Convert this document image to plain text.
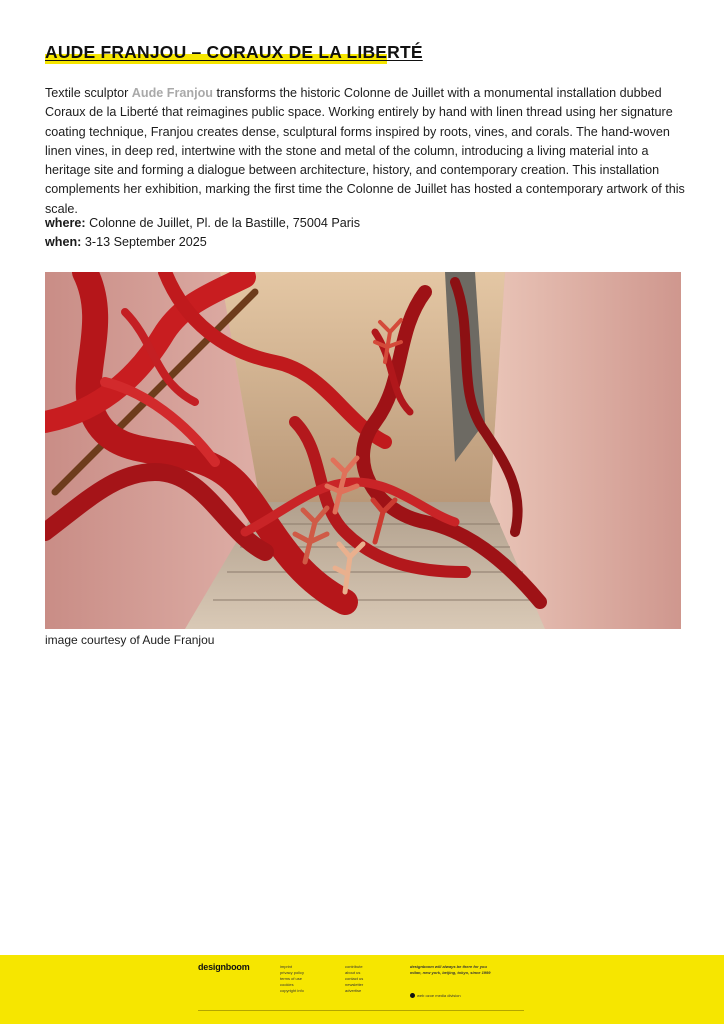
AUDE FRANJOU – CORAUX DE LA LIBERTÉ

Textile sculptor Aude Franjou transforms the historic Colonne de Juillet with a monumental installation dubbed Coraux de la Liberté that reimagines public space. Working entirely by hand with linen thread using her signature coating technique, Franjou creates dense, sculptural forms inspired by roots, vines, and corals. The hand-woven linen vines, in deep red, intertwine with the stone and metal of the column, introducing a living material into a heritage site and forming a dialogue between architecture, history, and contemporary creation. This installation complements her exhibition, marking the first time the Colonne de Juillet has hosted a contemporary artwork of this scale.

where: Colonne de Juillet, Pl. de la Bastille, 75004 Paris
when: 3-13 September 2025
image courtesy of Aude Franjou
designboom	imprint
privacy policy
terms of use
cookies
copyright info
contribute
about us
contact us
newsletter
advertise
designboom will always be there for you
milan, new york, beijing, tokyo, since 1999
web ozoe media division
